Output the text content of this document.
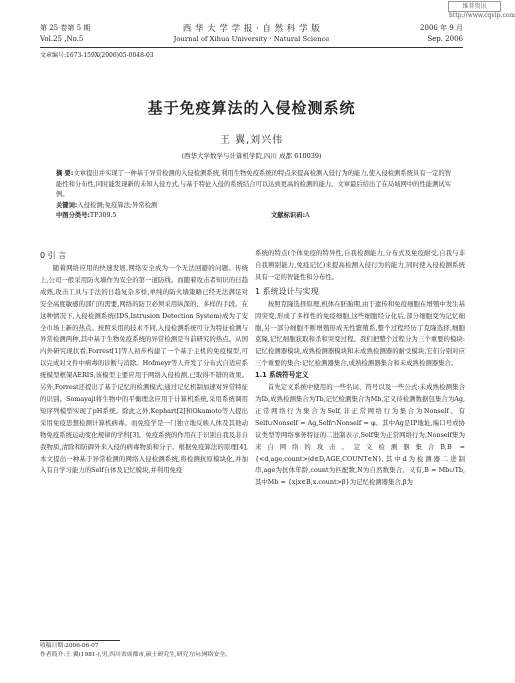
维普资讯 http://www.cqvip.com
第 25 卷第 5 期
Vol.25 ,No.5
西 华 大 学 学 报 · 自 然 科 学 版
Journal of Xihua University · Natural Science
2006 年 9 月
Sep. 2006
文章编号:1673-159X(2006)05-0048-03
基于免疫算法的入侵检测系统
王 翼,刘兴伟
(西华大学数学与计算机学院,四川 成都 610039)
摘 要:文章提出并实现了一种基于异常检测的入侵检测系统,利用生物免疫系统的特点来提高检测入侵行为的能力,使入侵检测系统具有一定的智能性和分布性,同时能发现新的未知入侵方式,与基于特征入侵的系统结合可以达到更高的检测的能力。文章最后给出了在局域网中的性能测试实例。
关键词:入侵检测;免疫算法;异常检测
中图分类号:TP309.5	文献标识码:A
0 引 言

随着网络应用的快速发展,网络安全成为一个无法回避的问题。传统上,公司一般采用防火墙作为安全的第一道防线。而随着攻击者知识的日趋成熟,攻击工具与手法的日趋复杂多样,单纯的防火墙策略已经无法满足对安全高度敏感的部门的需要,网络的防卫必须采用纵深的、多样的手段。在这种情况下,入侵检测系统(IDS,Intrusion Detection System)成为了安全市场上新的热点。按照采用的技术不同,入侵检测系统可分为特征检测与异常检测两种,其中基于生物免疫系统的异常检测是当前研究的热点。从国内外研究现状看,Forrest[1]等人初步构建了一个基于主机的免疫模型,可以完成对文件中病毒的诊断与消除。Hofmeyr等人开发了分布式自适应系统模型框架AERIS,该模型主要应用于网络入侵检测,已取得不错的效果。另外,Forrest还提出了基于记忆的检测模式,通过记忆机制加速对异常特征的识别。Somayaji将生物中的平衡理念应用于计算机系统,采用系统调用短序列模型实现了pH系统。除此之外,Kephart[2]和Okamoto等人提出采用免疫思想检测计算机病毒。而免疫学是一门独立地反映人体及其他动物免疫系统运动变化规律的学科[3]。免疫系统的作用在于识别自我及非自我物质,清除和防御外来入侵的病毒物质和分子。根据免疫算法的原理[4],本文提出一种基于异常检测的网络入侵检测系统,将检测抗原模块化,并加入有自学习能力的Self自体及记忆模块,并利用免疫

系统的特点(个体免疫的特异性,自我检测能力,分布式及免疫耐受,自我与非自我辨别能力,免疫记忆)来提高检测入侵行为的能力,同时使入侵检测系统具有一定的智能性和分布性。

1 系统设计与实现

按照克隆选择原理,机体在胚胎期,由于遗传和免疫细胞在增殖中发生基因突变,形成了多样性的免疫细胞,这些细胞经分化后,部分细胞变为记忆细胞,另一部分细胞不断增殖形成无性繁殖系,整个过程经历了克隆选择,细胞克隆,记忆细胞获取和杀和突变过程。我们把整个过程分为三个重要的模块:记忆检测器模块,成熟检测器模块和未成熟检测器的耐受模块,它们分别对应三个重要的集合:记忆检测器集合,成熟检测器集合和未成熟检测器集合。

1.1 系统符号定义

首先定义系统中使用的一些名词、符号以及一些公式:未成熟检测集合为Ib,成熟检测集合为Tb,记忆检测集合为Mb,定义待检测数据包集合为Ag,正常网络行为集合为Self,非正常网络行为集合为Nonself。有Self∪Nonself = Ag,Self∩Nonself = φ。其中Ag是IP地址,端口号或协议类型等网络事务特征的二进制表示,Self集为正常网络行为,Nonself集为来自网络的攻击。定义检测器集合B,B = {<d,age,count>|d∈D,AGE,COUNT∈N},其中d为检测器二进制串,age为抗体年龄,count为匹配数,N为自然数集合。又有,B = Mb∪Tb,其中Mb = {x|x∈B,x.count>β}为记忆检测器集合,β为

收稿日期:2006-06-07
作者简介:王 翼(1981-),男,四川省成都市,硕士研究生,研究方向:网络安全。
